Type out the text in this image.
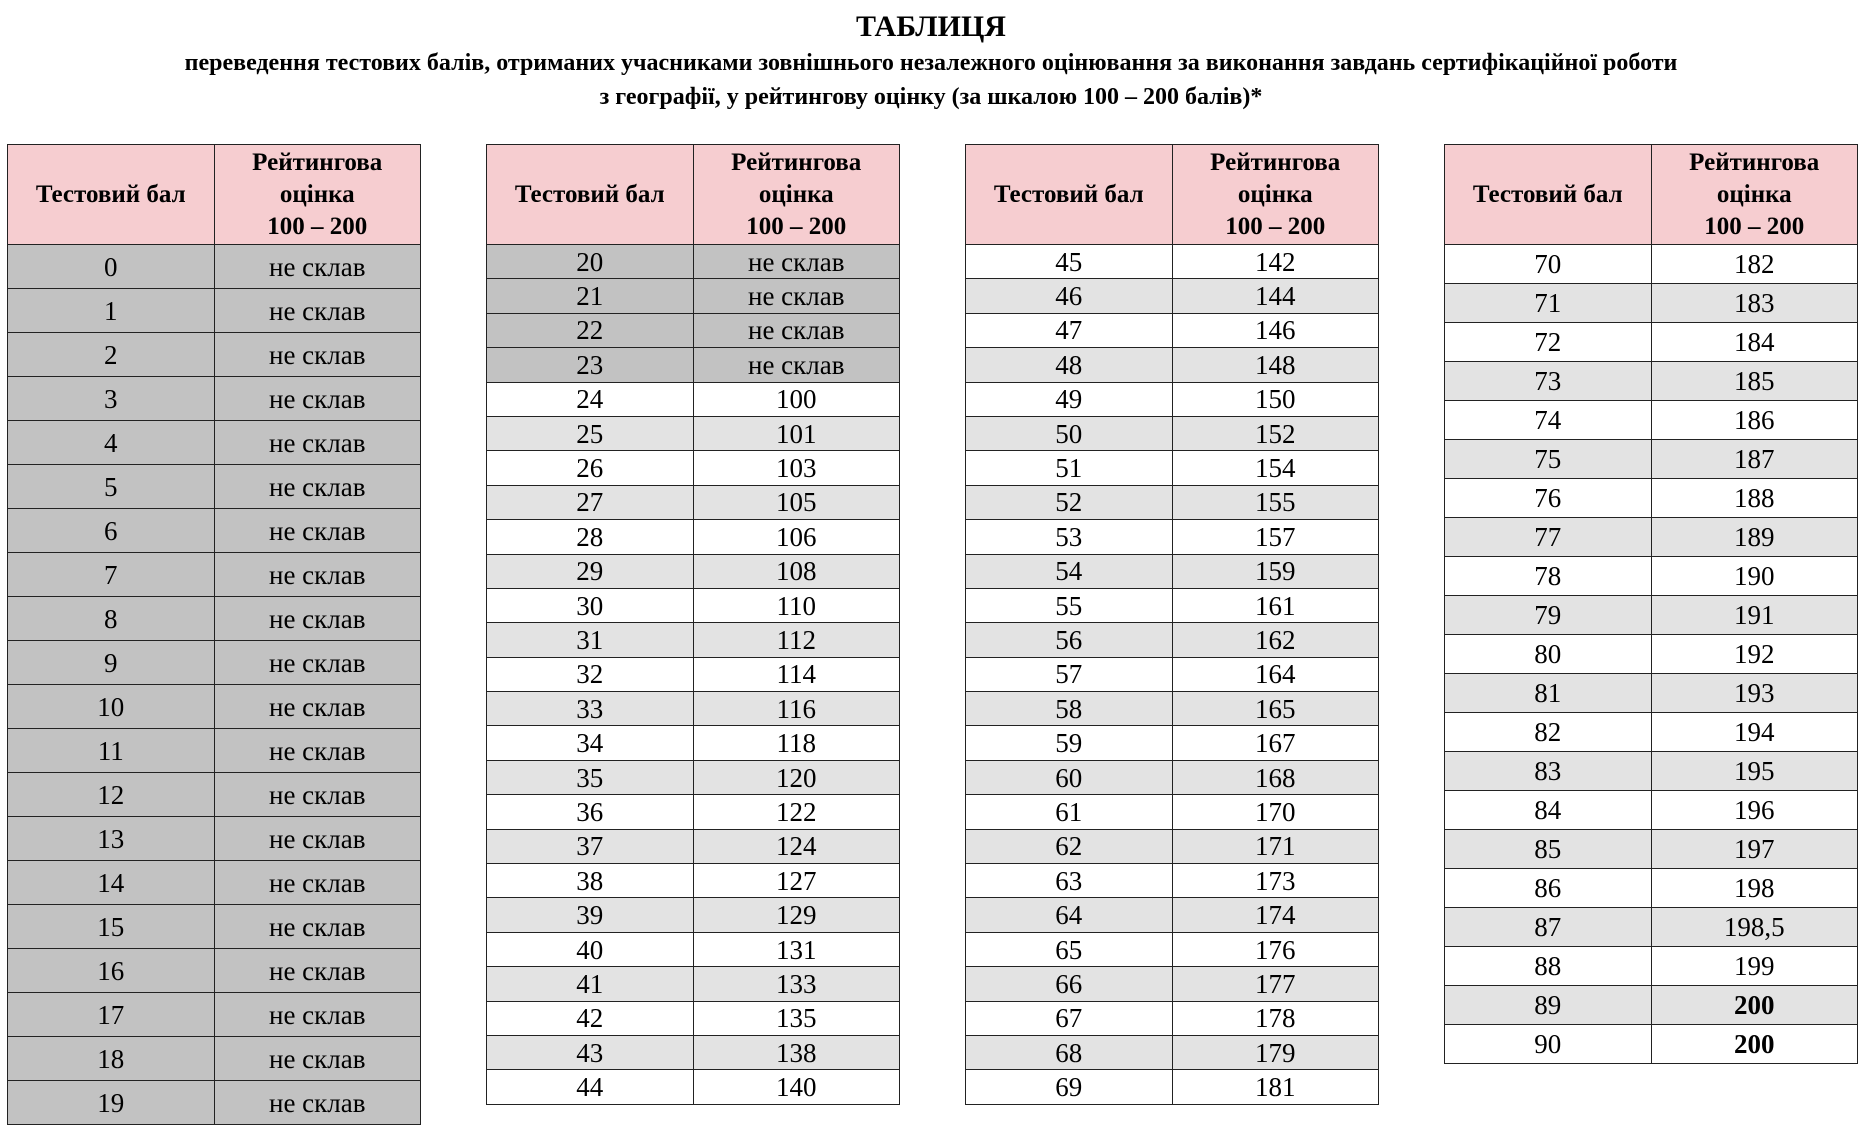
ТАБЛИЦЯ
переведення тестових балів, отриманих учасниками зовнішнього незалежного оцінювання за виконання завдань сертифікаційної роботи
з географії, у рейтингову оцінку (за шкалою 100 – 200 балів)*
Тестовий бал	Рейтингова
оцінка
100 – 200

0	не склав
1	не склав
2	не склав
3	не склав
4	не склав
5	не склав
6	не склав
7	не склав
8	не склав
9	не склав
10	не склав
11	не склав
12	не склав
13	не склав
14	не склав
15	не склав
16	не склав
17	не склав
18	не склав
19	не склав
Тестовий бал	Рейтингова
оцінка
100 – 200

20	не склав
21	не склав
22	не склав
23	не склав
24	100
25	101
26	103
27	105
28	106
29	108
30	110
31	112
32	114
33	116
34	118
35	120
36	122
37	124
38	127
39	129
40	131
41	133
42	135
43	138
44	140
Тестовий бал	Рейтингова
оцінка
100 – 200

45	142
46	144
47	146
48	148
49	150
50	152
51	154
52	155
53	157
54	159
55	161
56	162
57	164
58	165
59	167
60	168
61	170
62	171
63	173
64	174
65	176
66	177
67	178
68	179
69	181
Тестовий бал	Рейтингова
оцінка
100 – 200

70	182
71	183
72	184
73	185
74	186
75	187
76	188
77	189
78	190
79	191
80	192
81	193
82	194
83	195
84	196
85	197
86	198
87	198,5
88	199
89	200
90	200
